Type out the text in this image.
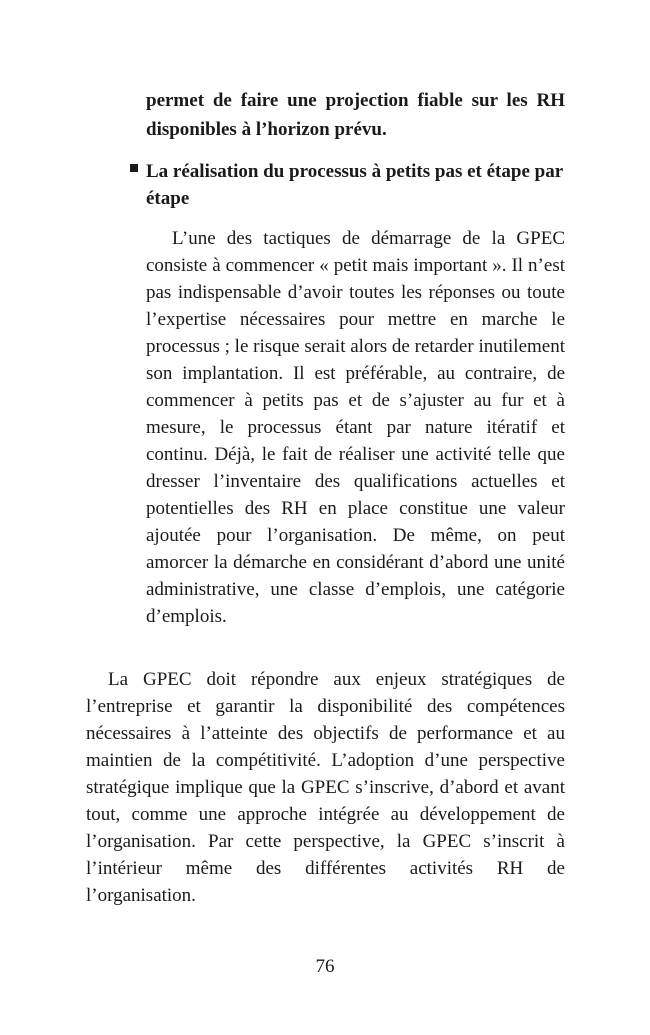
permet de faire une projection fiable sur les RH disponibles à l’horizon prévu.

La réalisation du processus à petits pas et étape par étape

L’une des tactiques de démarrage de la GPEC consiste à commencer « petit mais important ». Il n’est pas indispensable d’avoir toutes les réponses ou toute l’expertise nécessaires pour mettre en marche le processus ; le risque serait alors de retarder inutilement son implantation. Il est préférable, au contraire, de commencer à petits pas et de s’ajuster au fur et à mesure, le processus étant par nature itératif et continu. Déjà, le fait de réaliser une activité telle que dresser l’inventaire des qualifications actuelles et potentielles des RH en place constitue une valeur ajoutée pour l’organisation. De même, on peut amorcer la démarche en considérant d’abord une unité administrative, une classe d’emplois, une catégorie d’emplois.

La GPEC doit répondre aux enjeux stratégiques de l’entreprise et garantir la disponibilité des compétences nécessaires à l’atteinte des objectifs de performance et au maintien de la compétitivité. L’adoption d’une perspective stratégique implique que la GPEC s’inscrive, d’abord et avant tout, comme une approche intégrée au développement de l’organisation. Par cette perspective, la GPEC s’inscrit à l’intérieur même des différentes activités RH de l’organisation.

76
